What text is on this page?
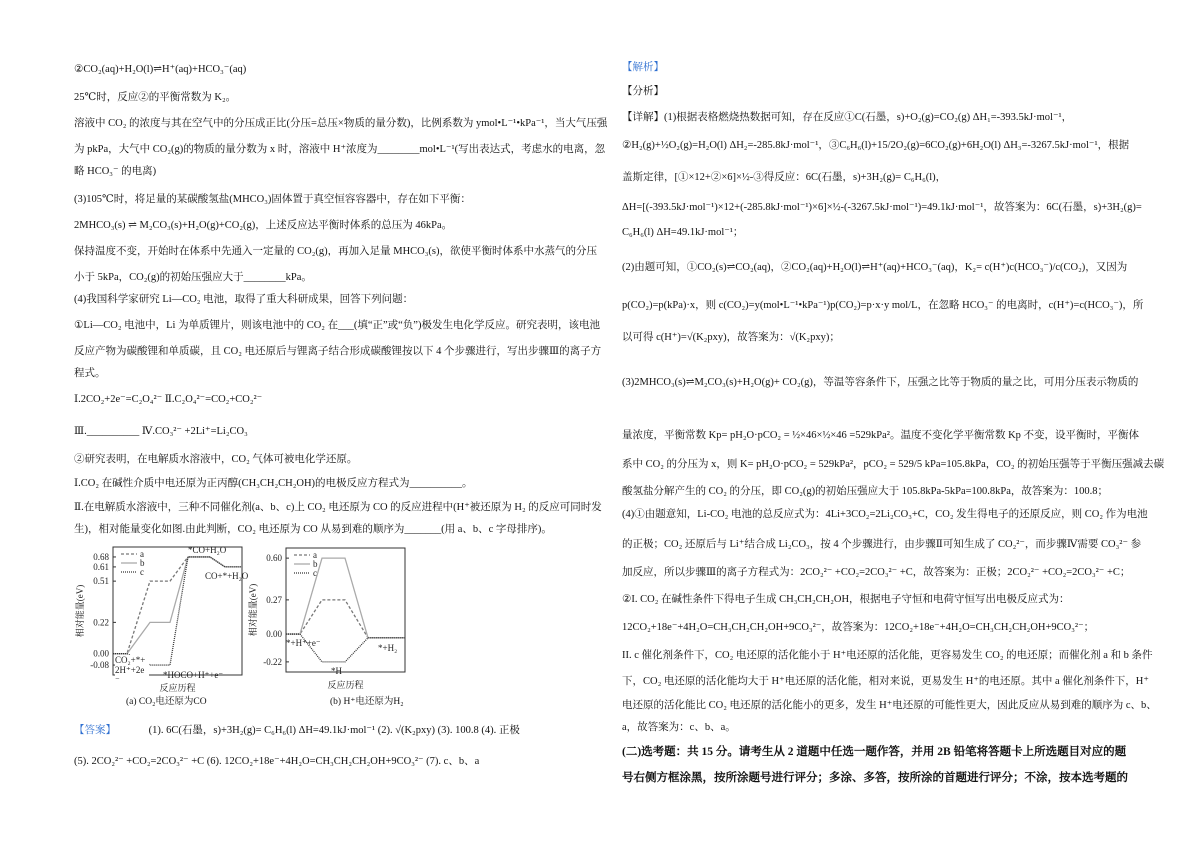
②CO₂(aq)+H₂O(l)⇌H⁺(aq)+HCO₃⁻(aq)
25℃时，反应②的平衡常数为 K₂。
溶液中 CO₂ 的浓度与其在空气中的分压成正比(分压=总压×物质的量分数)，比例系数为 ymol•L⁻¹•kPa⁻¹，当大气压强
为 pkPa，大气中 CO₂(g)的物质的量分数为 x 时，溶液中 H⁺浓度为________mol•L⁻¹(写出表达式，考虑水的电离，忽
略 HCO₃⁻ 的电离)
(3)105℃时，将足量的某碳酸氢盐(MHCO₃)固体置于真空恒容容器中，存在如下平衡：
2MHCO₃(s) ⇌ M₂CO₃(s)+H₂O(g)+CO₂(g)，上述反应达平衡时体系的总压为 46kPa。
保持温度不变，开始时在体系中先通入一定量的 CO₂(g)，再加入足量 MHCO₃(s)，欲使平衡时体系中水蒸气的分压
小于 5kPa，CO₂(g)的初始压强应大于________kPa。
(4)我国科学家研究 Li—CO₂ 电池，取得了重大科研成果，回答下列问题：
①Li—CO₂ 电池中，Li 为单质锂片，则该电池中的 CO₂ 在___(填“正”或“负”)极发生电化学反应。研究表明，该电池
反应产物为碳酸锂和单质碳，且 CO₂ 电还原后与锂离子结合形成碳酸锂按以下 4 个步骤进行，写出步骤Ⅲ的离子方
程式。
Ⅰ.2CO₂+2e⁻=C₂O₄²⁻ Ⅱ.C₂O₄²⁻=CO₂+CO₂²⁻
Ⅲ.__________ Ⅳ.CO₃²⁻ +2Li⁺=Li₂CO₃
②研究表明，在电解质水溶液中，CO₂ 气体可被电化学还原。
Ⅰ.CO₂ 在碱性介质中电还原为正丙醇(CH₃CH₂CH₂OH)的电极反应方程式为__________。
Ⅱ.在电解质水溶液中，三种不同催化剂(a、b、c)上 CO₂ 电还原为 CO 的反应进程中(H⁺被还原为 H₂ 的反应可同时发
生)，相对能量变化如图.由此判断，CO₂ 电还原为 CO 从易到难的顺序为_______(用 a、b、c 字母排序)。
【详解】(1)根据表格燃烧热数据可知，存在反应①C(石墨，s)+O₂(g)=CO₂(g) ΔH₁=-393.5kJ·mol⁻¹，
②H₂(g)+½O₂(g)=H₂O(l) ΔH₂=-285.8kJ·mol⁻¹，③C₆H₆(l)+15/2O₂(g)=6CO₂(g)+6H₂O(l) ΔH₃=-3267.5kJ·mol⁻¹，根据
盖斯定律，[①×12+②×6]×½-③得反应：6C(石墨，s)+3H₂(g)= C₆H₆(l)，
ΔH=[(-393.5kJ·mol⁻¹)×12+(-285.8kJ·mol⁻¹)×6]×½-(-3267.5kJ·mol⁻¹)=49.1kJ·mol⁻¹，故答案为：6C(石墨，s)+3H₂(g)=
C₆H₆(l) ΔH=49.1kJ·mol⁻¹；
(2)由题可知，①CO₂(s)⇌CO₂(aq)，②CO₂(aq)+H₂O(l)⇌H⁺(aq)+HCO₃⁻(aq)，K₂= c(H⁺)c(HCO₃⁻)/c(CO₂)，又因为
p(CO₂)=p(kPa)·x，则 c(CO₂)=y(mol•L⁻¹•kPa⁻¹)p(CO₂)=p·x·y mol/L，在忽略 HCO₃⁻ 的电离时，c(H⁺)=c(HCO₃⁻)，所
以可得 c(H⁺)=√(K₂pxy)，故答案为：√(K₂pxy)；
(3)2MHCO₃(s)⇌M₂CO₃(s)+H₂O(g)+ CO₂(g)，等温等容条件下，压强之比等于物质的量之比，可用分压表示物质的
量浓度，平衡常数 Kp= pH₂O·pCO₂ = ½×46×½×46 =529kPa²。温度不变化学平衡常数 Kp 不变，设平衡时，平衡体
系中 CO₂ 的分压为 x，则 K= pH₂O·pCO₂ = 529kPa²，pCO₂ = 529/5 kPa=105.8kPa，CO₂ 的初始压强等于平衡压强减去碳
酸氢盐分解产生的 CO₂ 的分压，即 CO₂(g)的初始压强应大于 105.8kPa-5kPa=100.8kPa，故答案为：100.8；
(4)①由题意知，Li-CO₂ 电池的总反应式为：4Li+3CO₂=2Li₂CO₃+C，CO₂ 发生得电子的还原反应，则 CO₂ 作为电池
的正极；CO₂ 还原后与 Li⁺结合成 Li₂CO₃，按 4 个步骤进行，由步骤Ⅱ可知生成了 CO₂²⁻，而步骤Ⅳ需要 CO₃²⁻ 参
加反应，所以步骤Ⅲ的离子方程式为：2CO₂²⁻ +CO₂=2CO₃²⁻ +C，故答案为：正极；2CO₂²⁻ +CO₂=2CO₃²⁻ +C；
②I. CO₂ 在碱性条件下得电子生成 CH₃CH₂CH₂OH，根据电子守恒和电荷守恒写出电极反应式为：
12CO₂+18e⁻+4H₂O=CH₃CH₂CH₂OH+9CO₃²⁻，故答案为：12CO₂+18e⁻+4H₂O=CH₃CH₂CH₂OH+9CO₃²⁻；
II. c 催化剂条件下，CO₂ 电还原的活化能小于 H⁺电还原的活化能，更容易发生 CO₂ 的电还原；而催化剂 a 和 b 条件
下，CO₂ 电还原的活化能均大于 H⁺电还原的活化能，相对来说，更易发生 H⁺的电还原。其中 a 催化剂条件下，H⁺
电还原的活化能比 CO₂ 电还原的活化能小的更多，发生 H⁺电还原的可能性更大，因此反应从易到难的顺序为 c、b、
a，故答案为：c、b、a。
(二)选考题：共 15 分。请考生从 2 道题中任选一题作答，并用 2B 铅笔将答题卡上所选题目对应的题
号右侧方框涂黑，按所涂题号进行评分；多涂、多答，按所涂的首题进行评分；不涂，按本选考题的
【解析】
【分析】
0.68
0.61
0.51
0.22
0.00
-0.08
相对能量(eV)
反应历程
a
b
c
*HOCO+H⁺+e⁻
*CO+H₂O
CO+*+H₂O
CO₂+*+2H⁺+2e⁻
(a) CO₂电还原为CO
0.60
0.27
0.00
-0.22
相对能量(eV)
反应历程
a
b
c
*+H⁺+e⁻
*H
*+H₂
(b) H⁺电还原为H₂
【答案】	(1). 6C(石墨，s)+3H₂(g)= C₆H₆(l) ΔH=49.1kJ·mol⁻¹ (2). √(K₂pxy) (3). 100.8 (4). 正极
(5). 2CO₂²⁻ +CO₂=2CO₃²⁻ +C (6). 12CO₂+18e⁻+4H₂O=CH₃CH₂CH₂OH+9CO₃²⁻ (7). c、b、a
